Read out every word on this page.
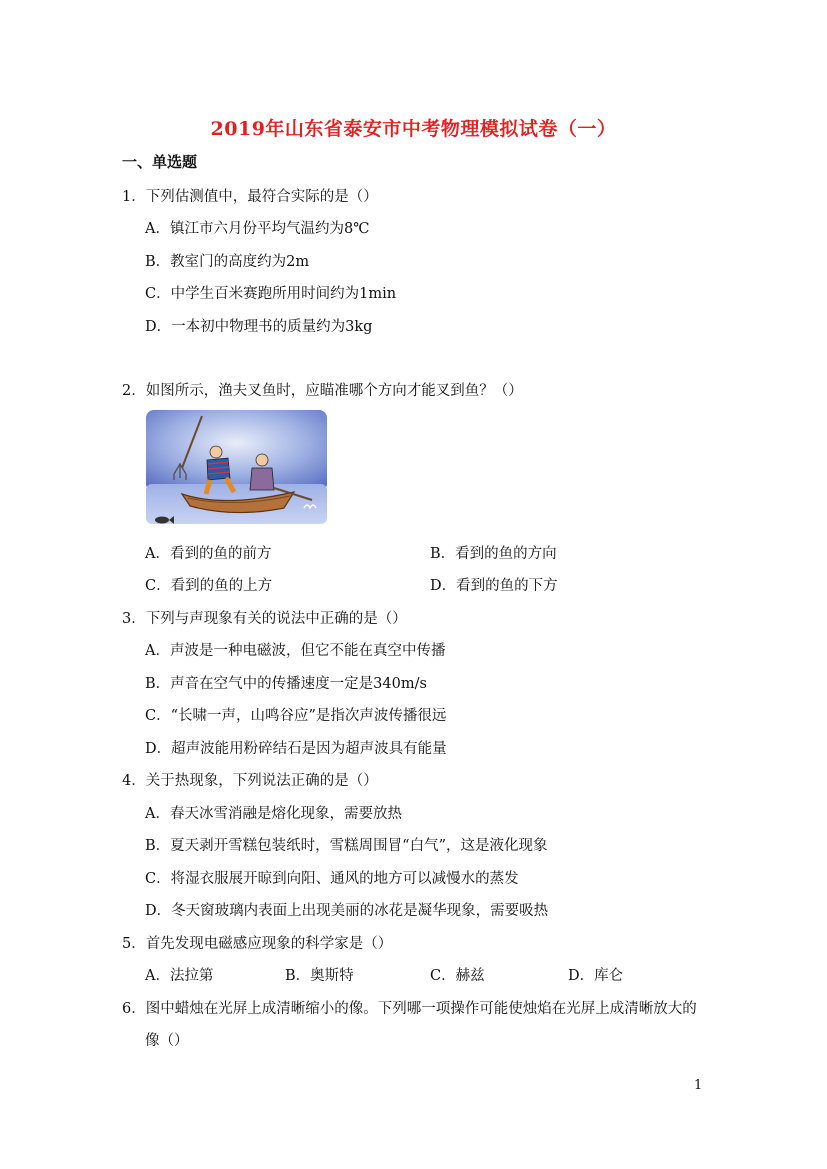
2019年山东省泰安市中考物理模拟试卷（一）
一、单选题
1．下列估测值中，最符合实际的是（）
A．镇江市六月份平均气温约为8℃
B．教室门的高度约为2m
C．中学生百米赛跑所用时间约为1min
D．一本初中物理书的质量约为3kg
2．如图所示，渔夫叉鱼时，应瞄准哪个方向才能叉到鱼？（）
A．看到的鱼的前方	B．看到的鱼的方向
C．看到的鱼的上方	D．看到的鱼的下方
3．下列与声现象有关的说法中正确的是（）
A．声波是一种电磁波，但它不能在真空中传播
B．声音在空气中的传播速度一定是340m/s
C．“长啸一声，山鸣谷应”是指次声波传播很远
D．超声波能用粉碎结石是因为超声波具有能量
4．关于热现象，下列说法正确的是（）
A．春天冰雪消融是熔化现象，需要放热
B．夏天剥开雪糕包装纸时，雪糕周围冒“白气”，这是液化现象
C．将湿衣服展开晾到向阳、通风的地方可以减慢水的蒸发
D．冬天窗玻璃内表面上出现美丽的冰花是凝华现象，需要吸热
5．首先发现电磁感应现象的科学家是（）
A．法拉第	B．奥斯特	C．赫兹	D．库仑
6．图中蜡烛在光屏上成清晰缩小的像。下列哪一项操作可能使烛焰在光屏上成清晰放大的
像（）
1
